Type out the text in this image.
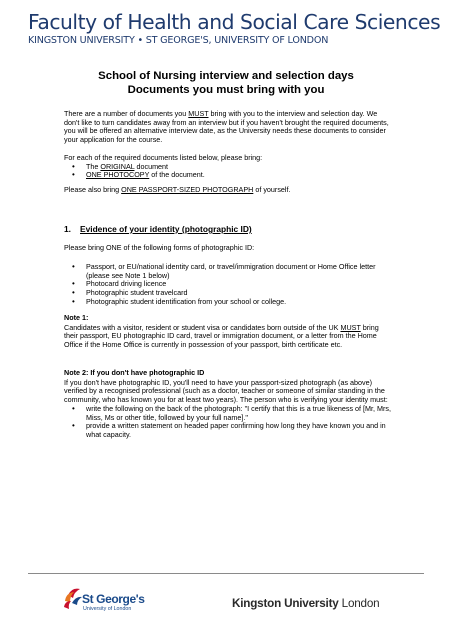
Faculty of Health and Social Care Sciences
KINGSTON UNIVERSITY • ST GEORGE'S, UNIVERSITY OF LONDON
School of Nursing interview and selection days
Documents you must bring with you

There are a number of documents you MUST bring with you to the interview and selection day. We don't like to turn candidates away from an interview but if you haven't brought the required documents, you will be offered an alternative interview date, as the University needs these documents to consider your application for the course.

For each of the required documents listed below, please bring:

• The ORIGINAL document
• ONE PHOTOCOPY of the document.

Please also bring ONE PASSPORT-SIZED PHOTOGRAPH of yourself.

1. Evidence of your identity (photographic ID)

Please bring ONE of the following forms of photographic ID:

• Passport, or EU/national identity card, or travel/immigration document or Home Office letter (please see Note 1 below)
• Photocard driving licence
• Photographic student travelcard
• Photographic student identification from your school or college.

Note 1:

Candidates with a visitor, resident or student visa or candidates born outside of the UK MUST bring their passport, EU photographic ID card, travel or immigration document, or a letter from the Home Office if the Home Office is currently in possession of your passport, birth certificate etc.

Note 2: If you don't have photographic ID

If you don't have photographic ID, you'll need to have your passport-sized photograph (as above) verified by a recognised professional (such as a doctor, teacher or someone of similar standing in the community, who has known you for at least two years). The person who is verifying your identity must:

• write the following on the back of the photograph: "I certify that this is a true likeness of [Mr, Mrs, Miss, Ms or other title, followed by your full name]."
• provide a written statement on headed paper confirming how long they have known you and in what capacity.
St George's
University of London	Kingston University London
